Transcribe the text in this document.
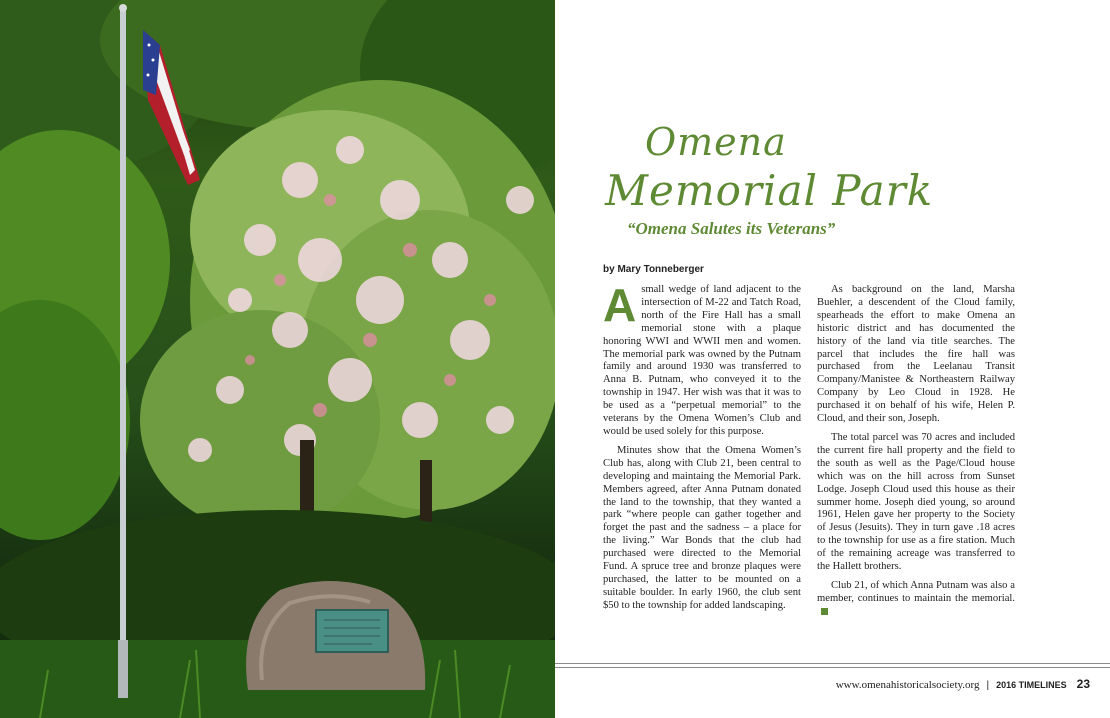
Omena
Memorial Park
“Omena Salutes its Veterans”
by Mary Tonneberger

Asmall wedge of land adjacent to the intersection of M-22 and Tatch Road, north of the Fire Hall has a small memorial stone with a plaque honoring WWI and WWII men and women. The memorial park was owned by the Putnam family and around 1930 was transferred to Anna B. Putnam, who conveyed it to the township in 1947. Her wish was that it was to be used as a “perpetual memorial” to the veterans by the Omena Women’s Club and would be used solely for this purpose.

Minutes show that the Omena Women’s Club has, along with Club 21, been central to developing and maintaing the Memorial Park. Members agreed, after Anna Putnam donated the land to the township, that they wanted a park “where people can gather together and forget the past and the sadness – a place for the living.” War Bonds that the club had purchased were directed to the Memorial Fund. A spruce tree and bronze plaques were purchased, the latter to be mounted on a suitable boulder. In early 1960, the club sent $50 to the township for added landscaping.

As background on the land, Marsha Buehler, a descendent of the Cloud family, spearheads the effort to make Omena an historic district and has documented the history of the land via title searches. The parcel that includes the fire hall was purchased from the Leelanau Transit Company/Manistee & Northeastern Railway Company by Leo Cloud in 1928. He purchased it on behalf of his wife, Helen P. Cloud, and their son, Joseph.

The total parcel was 70 acres and included the current fire hall property and the field to the south as well as the Page/Cloud house which was on the hill across from Sunset Lodge. Joseph Cloud used this house as their summer home. Joseph died young, so around 1961, Helen gave her property to the Society of Jesus (Jesuits). They in turn gave .18 acres to the township for use as a fire station. Much of the remaining acreage was transferred to the Hallett brothers.

Club 21, of which Anna Putnam was also a member, continues to maintain the memorial.

www.omenahistoricalsociety.org | 2016 TIMELINES 23
